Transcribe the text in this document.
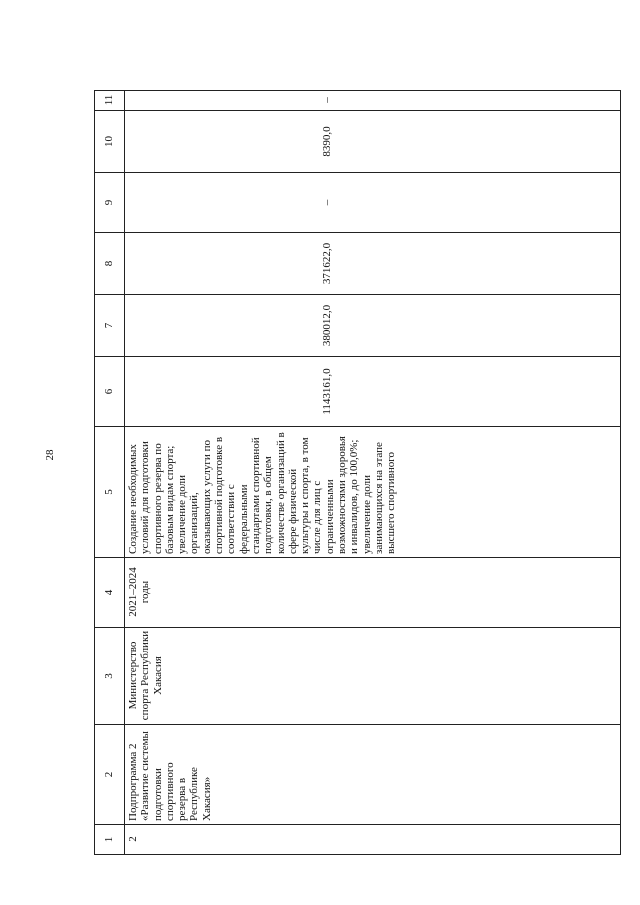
28
1	2
2	Подпрограмма 2 «Развитие системы подготовки спортивного резерва в Республике Хакасия»
3	Министерство спорта Республики Хакасия
4	2021–2024 годы
5	Создание необходимых условий для подготовки спортивного резерва по базовым видам спорта; увеличение доли организаций, оказывающих услуги по спортивной подготовке в соответствии с федеральными стандартами спортивной подготовки, в общем количестве организаций в сфере физической культуры и спорта, в том числе для лиц с ограниченными возможностями здоровья и инвалидов, до 100,0%; увеличение доли занимающихся на этапе высшего спортивного
6	1143161,0
7	380012,0
8	371622,0
9	–
10	8390,0
11	–
